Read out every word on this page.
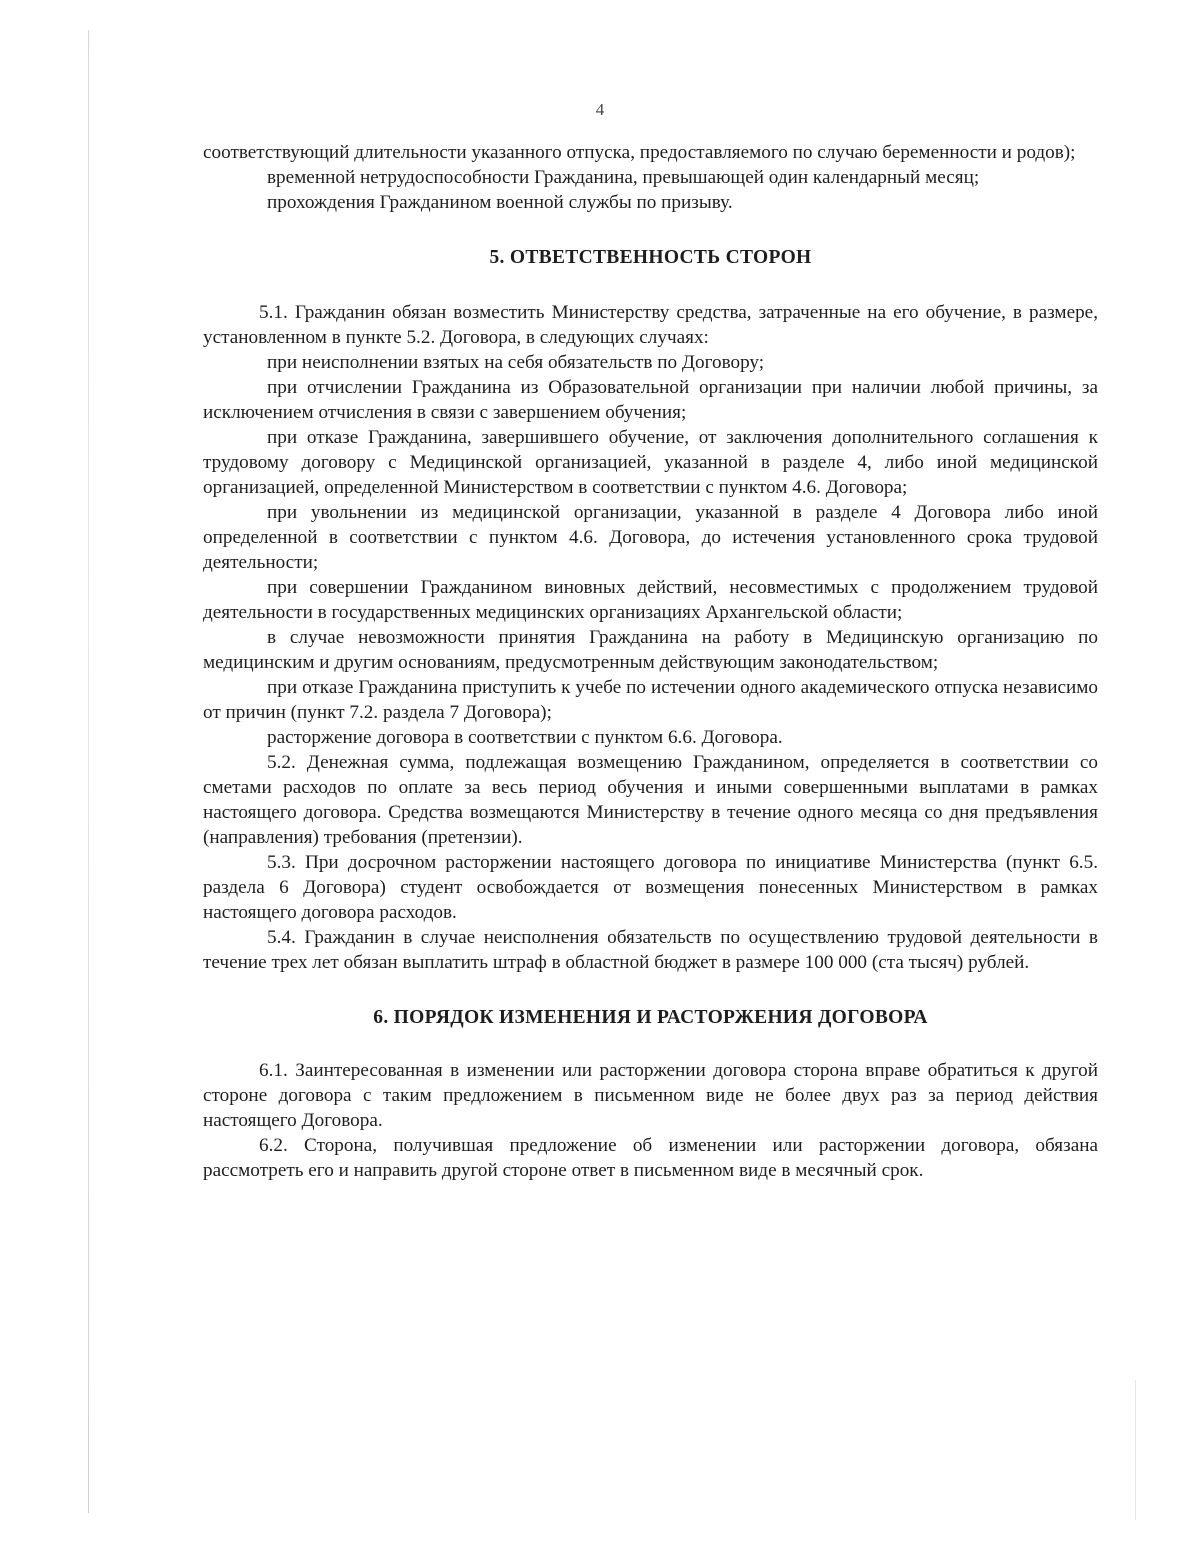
4

соответствующий длительности указанного отпуска, предоставляемого по случаю беременности и родов);

временной нетрудоспособности Гражданина, превышающей один календарный месяц;

прохождения Гражданином военной службы по призыву.

5. ОТВЕТСТВЕННОСТЬ СТОРОН

5.1. Гражданин обязан возместить Министерству средства, затраченные на его обучение, в размере, установленном в пункте 5.2. Договора, в следующих случаях:

при неисполнении взятых на себя обязательств по Договору;

при отчислении Гражданина из Образовательной организации при наличии любой причины, за исключением отчисления в связи с завершением обучения;

при отказе Гражданина, завершившего обучение, от заключения дополнительного соглашения к трудовому договору с Медицинской организацией, указанной в разделе 4, либо иной медицинской организацией, определенной Министерством в соответствии с пунктом 4.6. Договора;

при увольнении из медицинской организации, указанной в разделе 4 Договора либо иной определенной в соответствии с пунктом 4.6. Договора, до истечения установленного срока трудовой деятельности;

при совершении Гражданином виновных действий, несовместимых с продолжением трудовой деятельности в государственных медицинских организациях Архангельской области;

в случае невозможности принятия Гражданина на работу в Медицинскую организацию по медицинским и другим основаниям, предусмотренным действующим законодательством;

при отказе Гражданина приступить к учебе по истечении одного академического отпуска независимо от причин (пункт 7.2. раздела 7 Договора);

расторжение договора в соответствии с пунктом 6.6. Договора.

5.2. Денежная сумма, подлежащая возмещению Гражданином, определяется в соответствии со сметами расходов по оплате за весь период обучения и иными совершенными выплатами в рамках настоящего договора. Средства возмещаются Министерству в течение одного месяца со дня предъявления (направления) требования (претензии).

5.3. При досрочном расторжении настоящего договора по инициативе Министерства (пункт 6.5. раздела 6 Договора) студент освобождается от возмещения понесенных Министерством в рамках настоящего договора расходов.

5.4. Гражданин в случае неисполнения обязательств по осуществлению трудовой деятельности в течение трех лет обязан выплатить штраф в областной бюджет в размере 100 000 (ста тысяч) рублей.

6. ПОРЯДОК ИЗМЕНЕНИЯ И РАСТОРЖЕНИЯ ДОГОВОРА

6.1. Заинтересованная в изменении или расторжении договора сторона вправе обратиться к другой стороне договора с таким предложением в письменном виде не более двух раз за период действия настоящего Договора.

6.2. Сторона, получившая предложение об изменении или расторжении договора, обязана рассмотреть его и направить другой стороне ответ в письменном виде в месячный срок.
